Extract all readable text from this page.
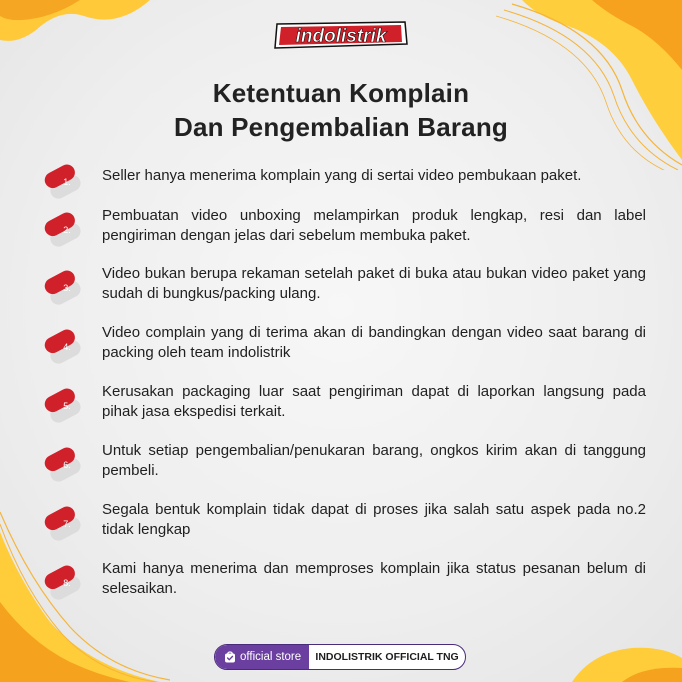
indolistrik
Ketentuan Komplain
Dan Pengembalian Barang
1. Seller hanya menerima komplain yang di sertai video pembukaan paket.
2.
Pembuatan video unboxing melampirkan produk lengkap, resi dan label pengiriman dengan jelas dari sebelum membuka paket.
3.
Video bukan berupa rekaman setelah paket di buka atau bukan video paket yang sudah di bungkus/packing ulang.
4.
Video complain yang di terima akan di bandingkan dengan video saat barang di packing oleh team indolistrik
5.
Kerusakan packaging luar saat pengiriman dapat di laporkan langsung pada pihak jasa ekspedisi terkait.
6.
Untuk setiap pengembalian/penukaran barang, ongkos kirim akan di tanggung pembeli.
7.
Segala bentuk komplain tidak dapat di proses jika salah satu aspek pada no.2 tidak lengkap
8.
Kami hanya menerima dan memproses komplain jika status pesanan belum di selesaikan.
official store	INDOLISTRIK OFFICIAL TNG
